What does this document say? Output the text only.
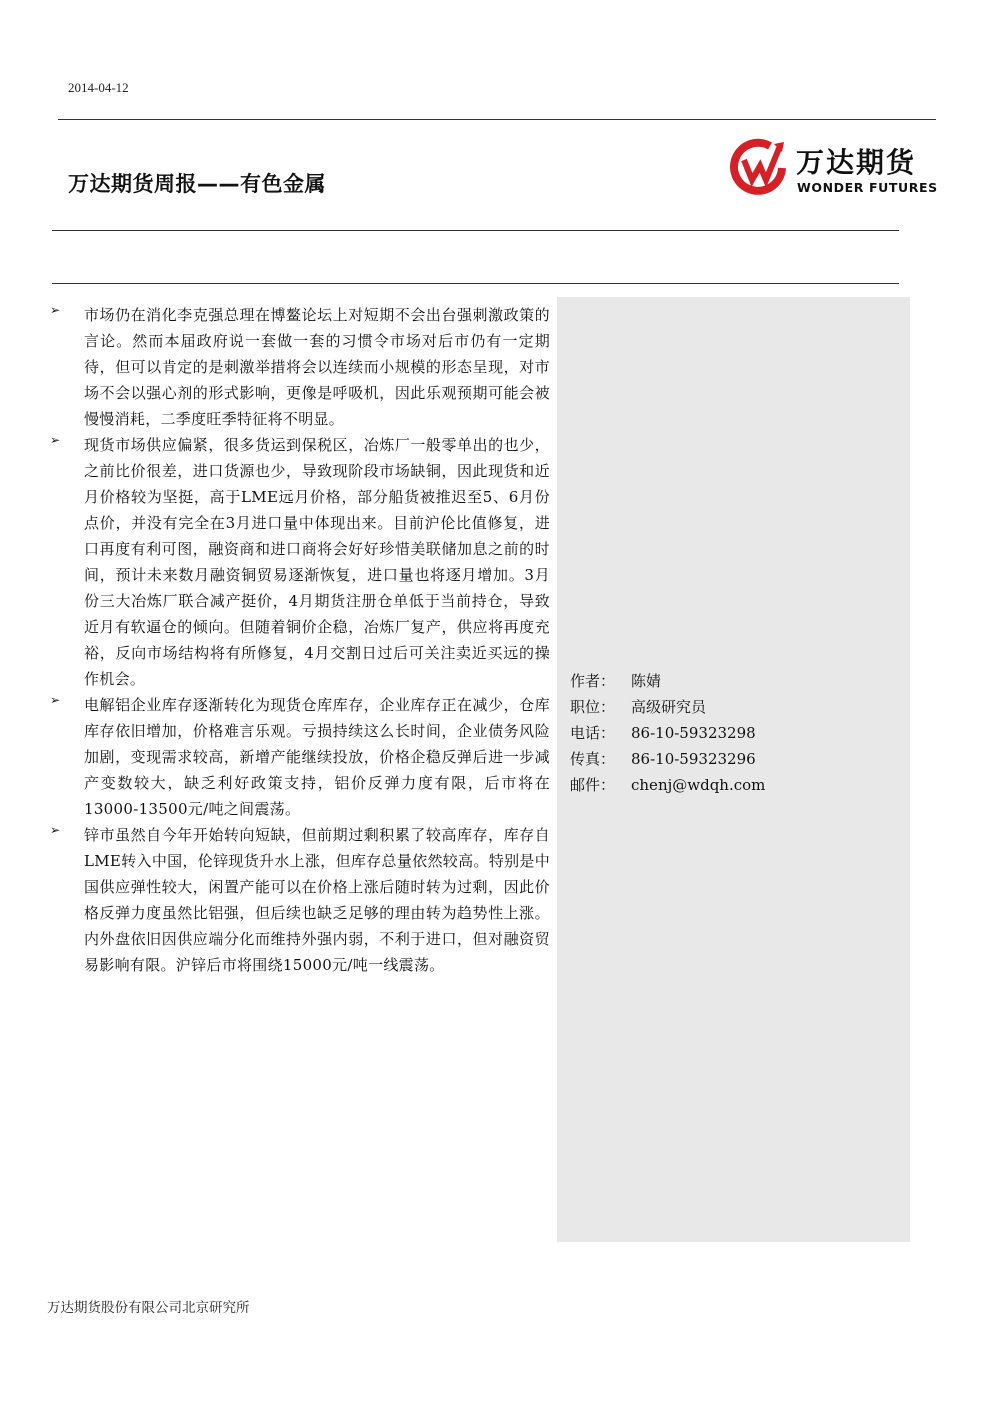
2014-04-12
万达期货周报——有色金属
万达期货
WONDER FUTURES
➢	市场仍在消化李克强总理在博鳌论坛上对短期不会出台强刺激政策的言论。然而本届政府说一套做一套的习惯令市场对后市仍有一定期待，但可以肯定的是刺激举措将会以连续而小规模的形态呈现，对市场不会以强心剂的形式影响，更像是呼吸机，因此乐观预期可能会被慢慢消耗，二季度旺季特征将不明显。
➢	现货市场供应偏紧，很多货运到保税区，冶炼厂一般零单出的也少，之前比价很差，进口货源也少，导致现阶段市场缺铜，因此现货和近月价格较为坚挺，高于LME远月价格，部分船货被推迟至5、6月份点价，并没有完全在3月进口量中体现出来。目前沪伦比值修复，进口再度有利可图，融资商和进口商将会好好珍惜美联储加息之前的时间，预计未来数月融资铜贸易逐渐恢复，进口量也将逐月增加。3月份三大冶炼厂联合减产挺价，4月期货注册仓单低于当前持仓，导致近月有软逼仓的倾向。但随着铜价企稳，冶炼厂复产，供应将再度充裕，反向市场结构将有所修复，4月交割日过后可关注卖近买远的操作机会。
➢	电解铝企业库存逐渐转化为现货仓库库存，企业库存正在减少，仓库库存依旧增加，价格难言乐观。亏损持续这么长时间，企业债务风险加剧，变现需求较高，新增产能继续投放，价格企稳反弹后进一步减产变数较大，缺乏利好政策支持，铝价反弹力度有限，后市将在13000-13500元/吨之间震荡。
➢	锌市虽然自今年开始转向短缺，但前期过剩积累了较高库存，库存自LME转入中国，伦锌现货升水上涨，但库存总量依然较高。特别是中国供应弹性较大，闲置产能可以在价格上涨后随时转为过剩，因此价格反弹力度虽然比铝强，但后续也缺乏足够的理由转为趋势性上涨。内外盘依旧因供应端分化而维持外强内弱，不利于进口，但对融资贸易影响有限。沪锌后市将围绕15000元/吨一线震荡。
作者：	陈婧
职位：	高级研究员
电话：	86-10-59323298
传真：	86-10-59323296
邮件：	chenj@wdqh.com
万达期货股份有限公司北京研究所
